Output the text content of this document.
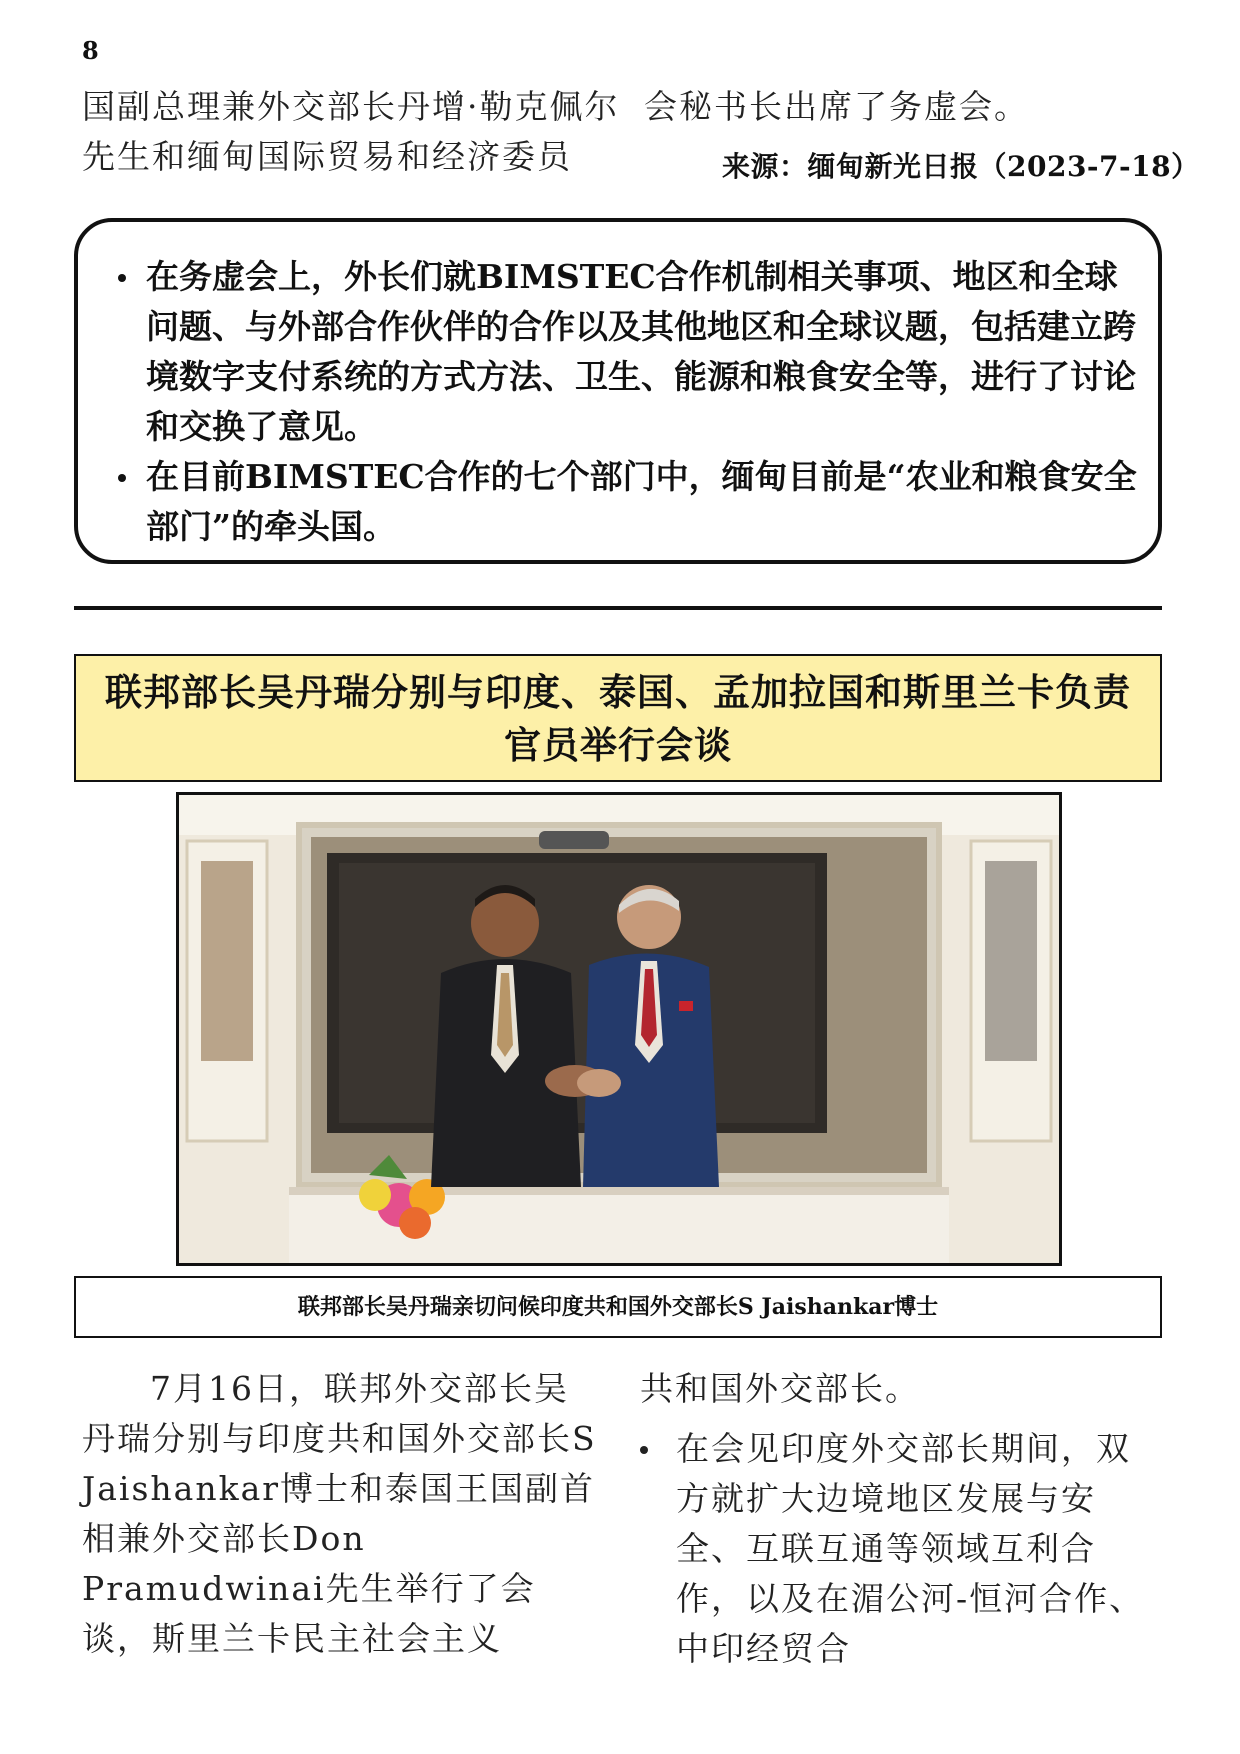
8
国副总理兼外交部长丹增·勒克佩尔先生和缅甸国际贸易和经济委员
会秘书长出席了务虚会。
来源：缅甸新光日报（2023-7-18）
在务虚会上，外长们就BIMSTEC合作机制相关事项、地区和全球问题、与外部合作伙伴的合作以及其他地区和全球议题，包括建立跨境数字支付系统的方式方法、卫生、能源和粮食安全等，进行了讨论和交换了意见。
在目前BIMSTEC合作的七个部门中，缅甸目前是“农业和粮食安全部门”的牵头国。
联邦部长吴丹瑞分别与印度、泰国、孟加拉国和斯里兰卡负责官员举行会谈
联邦部长吴丹瑞亲切问候印度共和国外交部长S Jaishankar博士

7月16日，联邦外交部长吴丹瑞分别与印度共和国外交部长S Jaishankar博士和泰国王国副首相兼外交部长Don Pramudwinai先生举行了会谈，斯里兰卡民主社会主义

共和国外交部长。

在会见印度外交部长期间，双方就扩大边境地区发展与安全、互联互通等领域互利合作，以及在湄公河-恒河合作、中印经贸合
